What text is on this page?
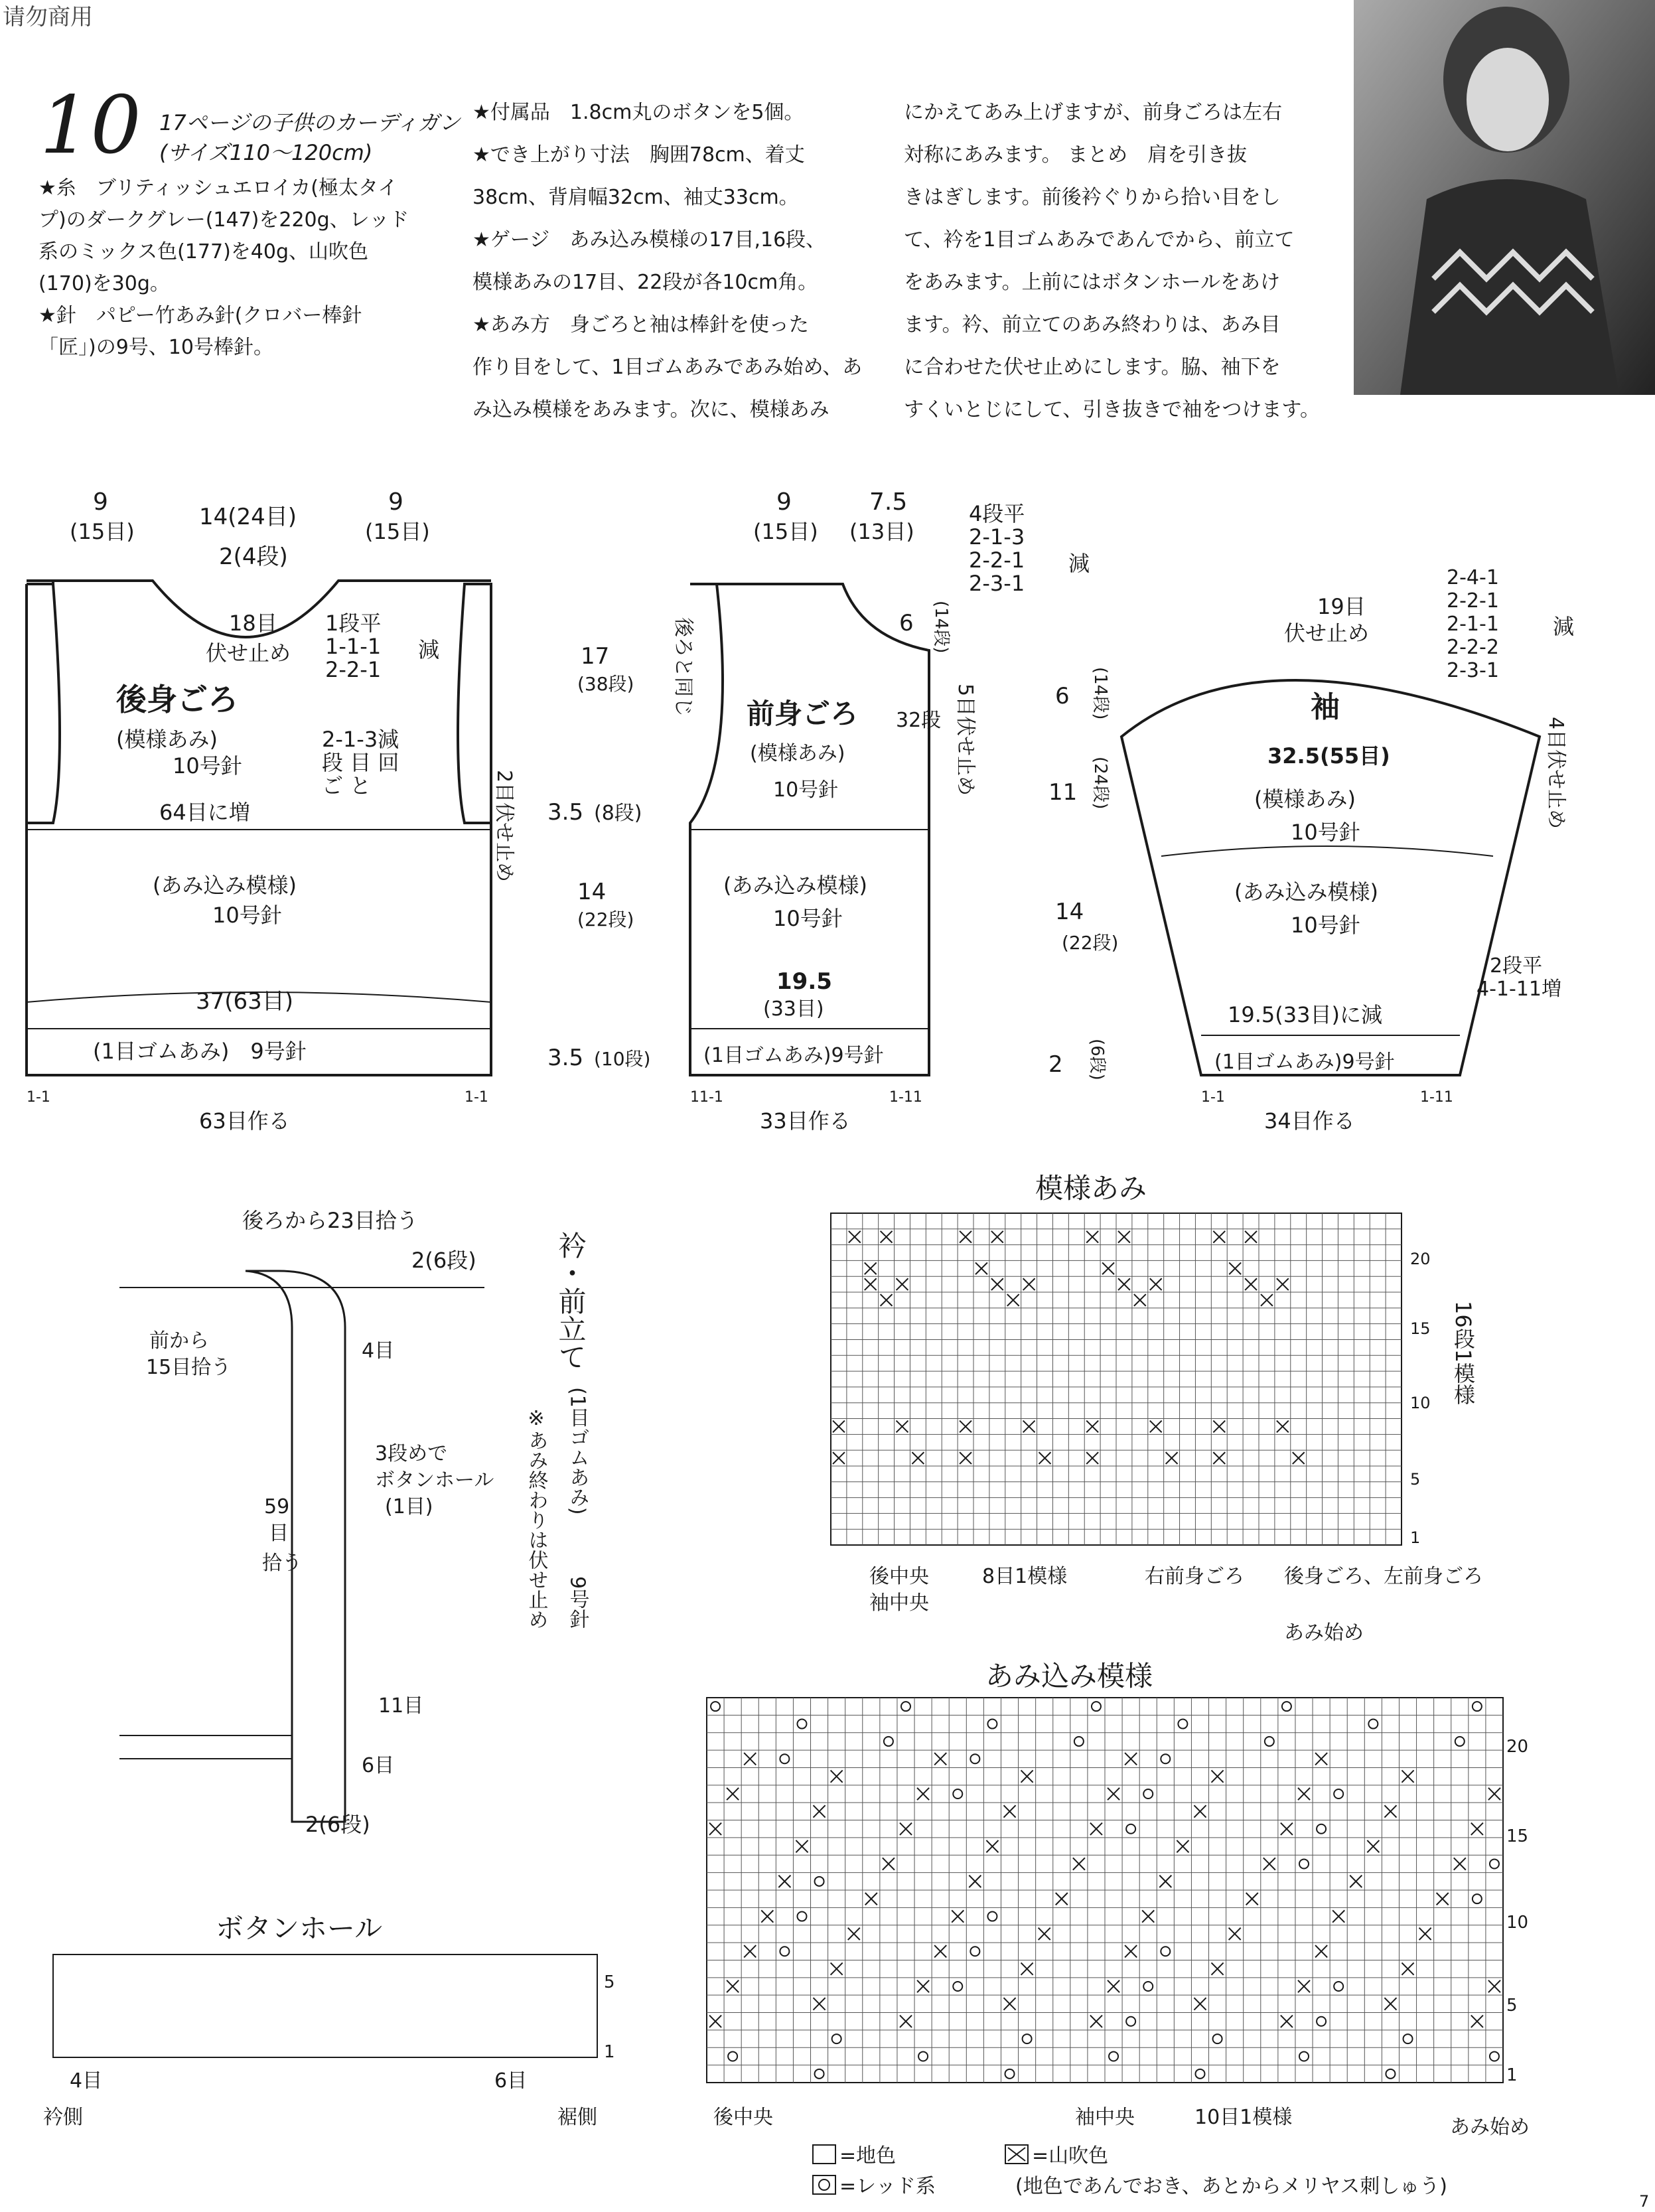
请勿商用
10 17ページの子供のカーディガン
(サイズ110〜120cm)
★糸　ブリティッシュエロイカ(極太タイ
プ)のダークグレー(147)を220g、レッド
系のミックス色(177)を40g、山吹色
(170)を30g。
★針　パピー竹あみ針(クロバー棒針
「匠」)の9号、10号棒針。
★付属品　1.8cm丸のボタンを5個。
★でき上がり寸法　胸囲78cm、着丈
38cm、背肩幅32cm、袖丈33cm。
★ゲージ　あみ込み模様の17目,16段、
模様あみの17目、22段が各10cm角。
★あみ方　身ごろと袖は棒針を使った
作り目をして、1目ゴムあみであみ始め、あ
み込み模様をあみます。次に、模様あみ
にかえてあみ上げますが、前身ごろは左右
対称にあみます。 まとめ　肩を引き抜
きはぎします。前後衿ぐりから拾い目をし
て、衿を1目ゴムあみであんでから、前立て
をあみます。上前にはボタンホールをあけ
ます。衿、前立てのあみ終わりは、あみ目
に合わせた伏せ止めにします。脇、袖下を
すくいとじにして、引き抜きで袖をつけます。
9
(15目)
14(24目)
9
(15目)
2(4段)
18目
伏せ止め
1段平
1-1-1
2-2-1
減
後身ごろ
(模様あみ)
10号針
2-1-3減
段 目 回
ご と
64目に増	2目伏せ止め
(あみ込み模様)
10号針
37(63目)
(1目ゴムあみ)　9号針
1-1	1-1
63目作る
17
(38段)
3.5 (8段)
14
(22段)
3.5 (10段)
9
(15目)
7.5
(13目)
4段平
2-1-3
2-2-1
2-3-1
減
後ろと同じ	6 (14段)
5目伏せ止め
32段
前身ごろ
(模様あみ)
10号針
(あみ込み模様)
10号針
19.5
(33目)
(1目ゴムあみ)9号針
11-1	1-11
33目作る
6 (14段)
11 (24段)
14
(22段)
2 (6段)
19目
伏せ止め
2-4-1
2-2-1
2-1-1
2-2-2
2-3-1
減
4目伏せ止め
袖
32.5(55目)
(模様あみ)
10号針
(あみ込み模様)
10号針
2段平
4-1-11増
19.5(33目)に減
(1目ゴムあみ)9号針
1-1	1-11
34目作る
後ろから23目拾う
2(6段)
前から
15目拾う
4目
3段めで
ボタンホール
(1目)
59
目
拾う
11目
6目
2(6段)
衿・前立て
(1目ゴムあみ)
9号針
※あみ終わりは伏せ止め
ボタンホール
5
1
4目	6目
衿側	裾側
模様あみ
20
15
10
5
1
16段1模様
後中央
袖中央
8目1模様	右前身ごろ 後身ごろ、左前身ごろ
あみ始め
あみ込み模様
20
15
10
5
1
後中央	袖中央	10目1模様	あみ始め
=地色	=山吹色
=レッド系	(地色であんでおき、あとからメリヤス刺しゅう)
7
